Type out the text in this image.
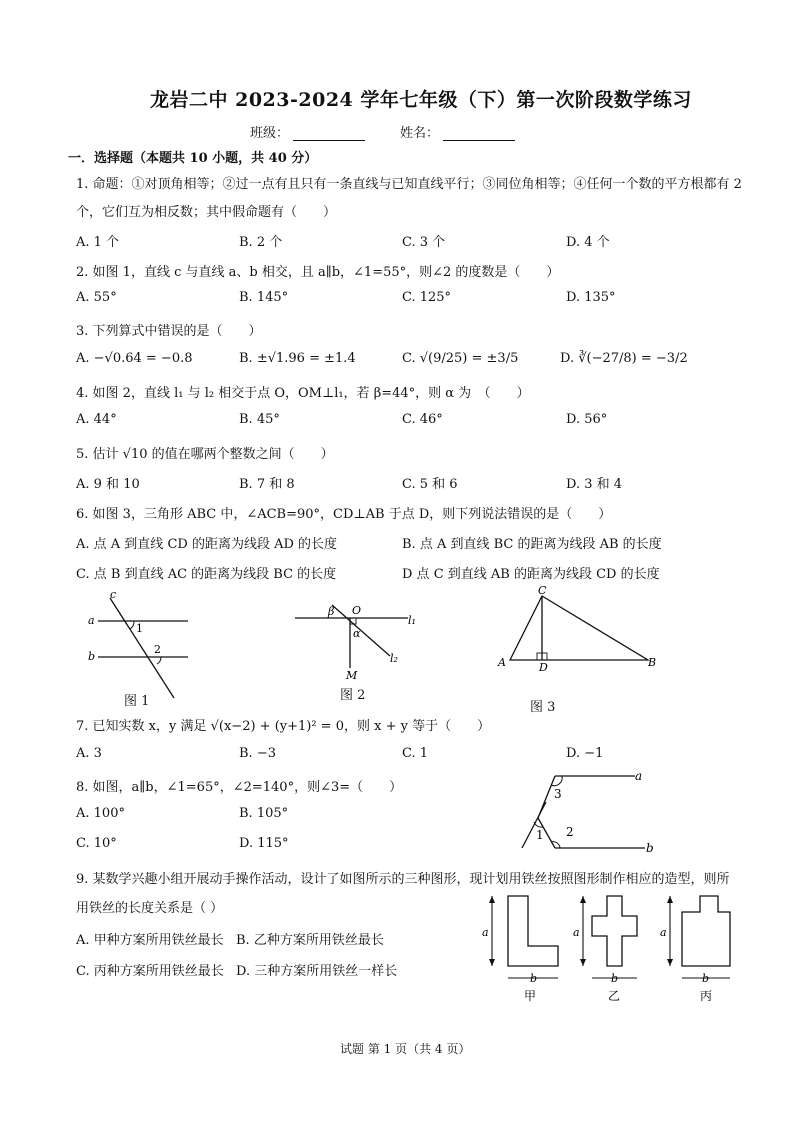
龙岩二中 2023-2024 学年七年级（下）第一次阶段数学练习
班级：	姓名：
一．选择题（本题共 10 小题，共 40 分）
1. 命题：①对顶角相等；②过一点有且只有一条直线与已知直线平行；③同位角相等；④任何一个数的平方根都有 2
个，它们互为相反数；其中假命题有（　　）
A. 1 个	B. 2 个	C. 3 个	D. 4 个
2. 如图 1，直线 c 与直线 a、b 相交，且 a∥b，∠1=55°，则∠2 的度数是（　　）
A. 55°	B. 145°	C. 125°	D. 135°
3. 下列算式中错误的是（　　）
A. −√0.64 = −0.8	B. ±√1.96 = ±1.4	C. √(9/25) = ±3/5	D. ∛(−27/8) = −3/2
4. 如图 2，直线 l₁ 与 l₂ 相交于点 O，OM⊥l₁，若 β=44°，则 α 为　（　　）
A. 44°	B. 45°	C. 46°	D. 56°
5. 估计 √10 的值在哪两个整数之间（　　）
A. 9 和 10	B. 7 和 8	C. 5 和 6	D. 3 和 4
6. 如图 3，三角形 ABC 中，∠ACB=90°，CD⊥AB 于点 D，则下列说法错误的是（　　）
A. 点 A 到直线 CD 的距离为线段 AD 的长度	B. 点 A 到直线 BC 的距离为线段 AB 的长度
C. 点 B 到直线 AC 的距离为线段 BC 的长度	D 点 C 到直线 AB 的距离为线段 CD 的长度
c
a
b
1
2
图 1
β O
l₁
α
M
l₂
图 2
C
A	D	B
图 3
7. 已知实数 x，y 满足 √(x−2) + (y+1)² = 0，则 x + y 等于（　　）
A. 3	B. −3	C. 1	D. −1
8. 如图，a∥b，∠1=65°，∠2=140°，则∠3=（　　）
A. 100°	B. 105°
C. 10°	D. 115°
a
3
1 2
b
9. 某数学兴趣小组开展动手操作活动，设计了如图所示的三种图形，现计划用铁丝按照图形制作相应的造型，则所
用铁丝的长度关系是（ ）
A. 甲种方案所用铁丝最长 B. 乙种方案所用铁丝最长
C. 丙种方案所用铁丝最长 D. 三种方案所用铁丝一样长
a	a	a
b	b	b
甲	乙	丙
试题 第 1 页（共 4 页）
